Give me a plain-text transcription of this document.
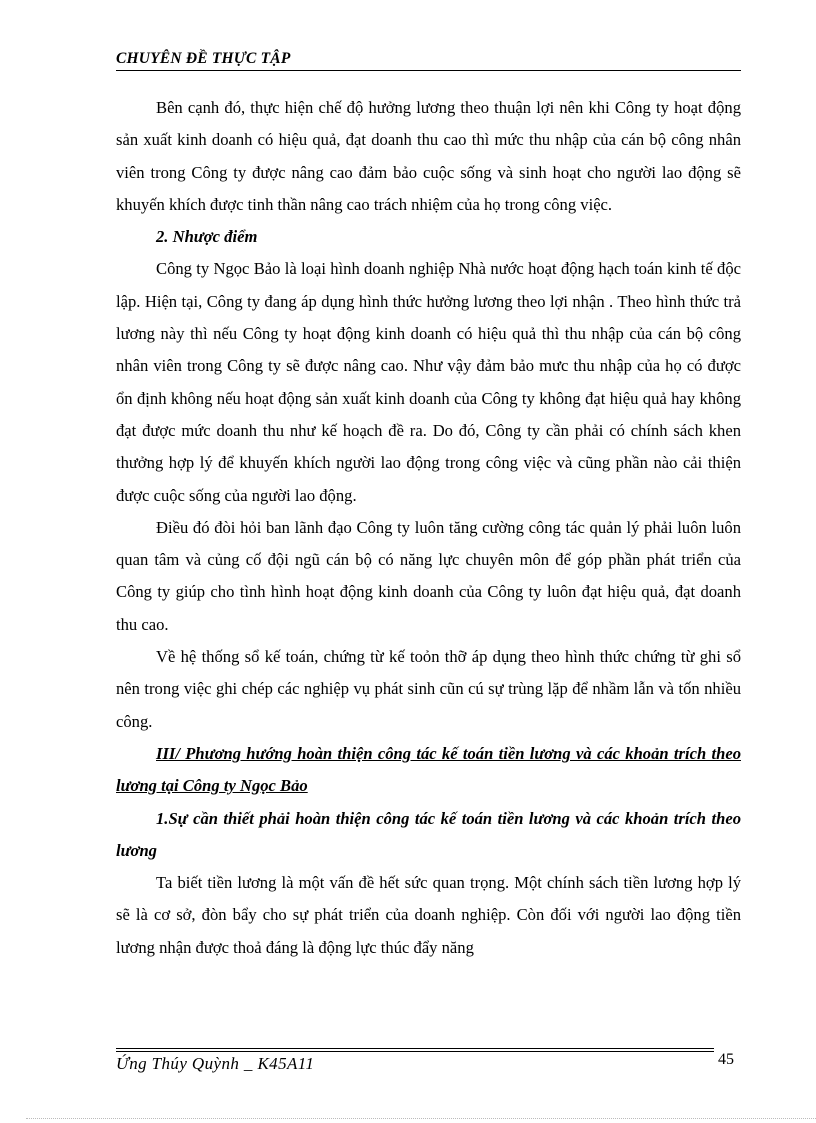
CHUYÊN ĐỀ THỰC TẬP

Bên cạnh đó, thực hiện chế độ hưởng lương theo thuận lợi nên khi Công ty hoạt động sản xuất kinh doanh có hiệu quả, đạt doanh thu cao thì mức thu nhập của cán bộ công nhân viên trong Công ty được nâng cao đảm bảo cuộc sống và sinh hoạt cho người lao động sẽ khuyến khích được tinh thần nâng cao trách nhiệm của họ trong công việc.

2. Nhược điểm

Công ty Ngọc Bảo là loại hình doanh nghiệp Nhà nước hoạt động hạch toán kinh tế độc lập. Hiện tại, Công ty đang áp dụng hình thức hưởng lương theo lợi nhận . Theo hình thức trả lương này thì nếu Công ty hoạt động kinh doanh có hiệu quả thì thu nhập của cán bộ công nhân viên trong Công ty sẽ được nâng cao. Như vậy đảm bảo mưc thu nhập của họ có được ổn định không nếu hoạt động sản xuất kinh doanh của Công ty không đạt hiệu quả hay không đạt được mức doanh thu như kế hoạch đề ra. Do đó, Công ty cần phải có chính sách khen thưởng hợp lý để khuyến khích người lao động trong công việc và cũng phần nào cải thiện được cuộc sống của người lao động.

Điều đó đòi hỏi ban lãnh đạo Công ty luôn tăng cường công tác quản lý phải luôn luôn quan tâm và củng cố đội ngũ cán bộ có năng lực chuyên môn để góp phần phát triển của Công ty giúp cho tình hình hoạt động kinh doanh của Công ty luôn đạt hiệu quả, đạt doanh thu cao.

Về hệ thống sổ kế toán, chứng từ kế toỏn thỡ áp dụng theo hình thức chứng từ ghi sổ nên trong việc ghi chép các nghiệp vụ phát sinh cũn cú sự trùng lặp để nhầm lẫn và tốn nhiều công.

III/ Phương hướng hoàn thiện công tác kế toán tiền lương và các khoản trích theo lương tại Công ty Ngọc Bảo

1.Sự cần thiết phải hoàn thiện công tác kế toán tiền lương và các khoản trích theo lương

Ta biết tiền lương là một vấn đề hết sức quan trọng. Một chính sách tiền lương hợp lý sẽ là cơ sở, đòn bẩy cho sự phát triển của doanh nghiệp. Còn đối với người lao động tiền lương nhận được thoả đáng là động lực thúc đẩy năng

Ứng Thúy Quỳnh _ K45A11	45
